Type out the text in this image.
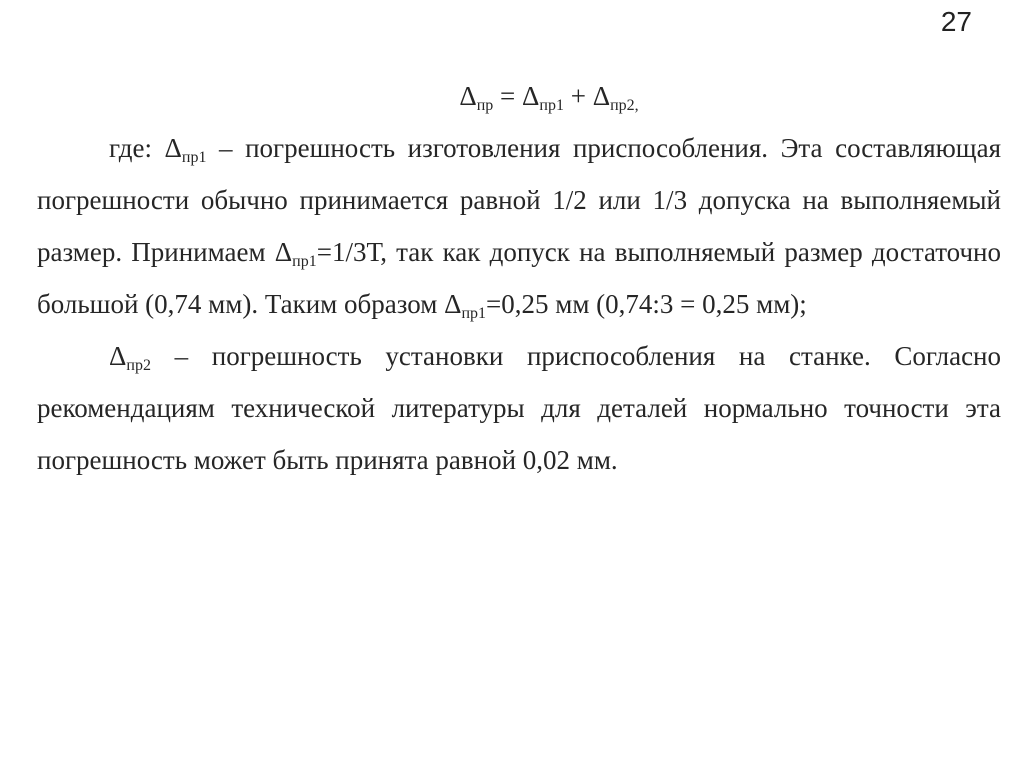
27
$\Delta_{пр} = \Delta_{пр1} + \Delta_{пр2,}$

где: $\Delta_{пр1}$ – погрешность изготовления приспособления. Эта составляющая погрешности обычно принимается равной 1/2 или 1/3 допуска на выполняемый размер. Принимаем $\Delta_{пр1}=1/3Т$, так как допуск на выполняемый размер достаточно большой (0,74 мм). Таким образом $\Delta_{пр1}=0,25$ мм (0,74:3 = 0,25 мм);

$\Delta_{пр2}$ – погрешность установки приспособления на станке. Согласно рекомендациям технической литературы для деталей нормально точности эта погрешность может быть принята равной 0,02 мм.
